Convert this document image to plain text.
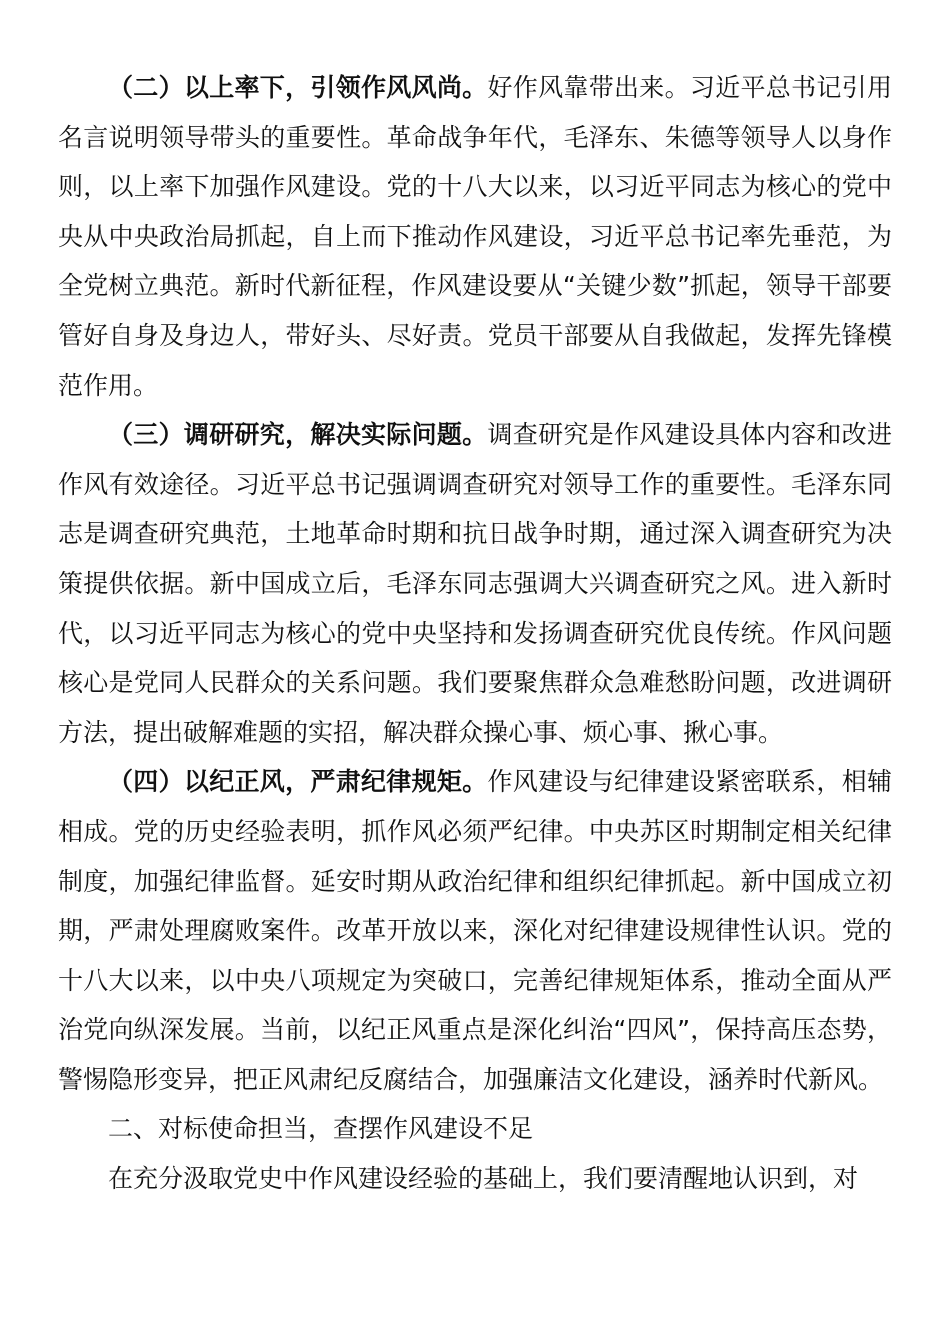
（二）以上率下，引领作风风尚。好作风靠带出来。习近平总书记引用名言说明领导带头的重要性。革命战争年代，毛泽东、朱德等领导人以身作则，以上率下加强作风建设。党的十八大以来，以习近平同志为核心的党中央从中央政治局抓起，自上而下推动作风建设，习近平总书记率先垂范，为全党树立典范。新时代新征程，作风建设要从“关键少数”抓起，领导干部要管好自身及身边人，带好头、尽好责。党员干部要从自我做起，发挥先锋模范作用。

（三）调研研究，解决实际问题。调查研究是作风建设具体内容和改进作风有效途径。习近平总书记强调调查研究对领导工作的重要性。毛泽东同志是调查研究典范，土地革命时期和抗日战争时期，通过深入调查研究为决策提供依据。新中国成立后，毛泽东同志强调大兴调查研究之风。进入新时代，以习近平同志为核心的党中央坚持和发扬调查研究优良传统。作风问题核心是党同人民群众的关系问题。我们要聚焦群众急难愁盼问题，改进调研方法，提出破解难题的实招，解决群众操心事、烦心事、揪心事。

（四）以纪正风，严肃纪律规矩。作风建设与纪律建设紧密联系，相辅相成。党的历史经验表明，抓作风必须严纪律。中央苏区时期制定相关纪律制度，加强纪律监督。延安时期从政治纪律和组织纪律抓起。新中国成立初期，严肃处理腐败案件。改革开放以来，深化对纪律建设规律性认识。党的十八大以来，以中央八项规定为突破口，完善纪律规矩体系，推动全面从严治党向纵深发展。当前，以纪正风重点是深化纠治“四风”，保持高压态势，警惕隐形变异，把正风肃纪反腐结合，加强廉洁文化建设，涵养时代新风。

二、对标使命担当，查摆作风建设不足

在充分汲取党史中作风建设经验的基础上，我们要清醒地认识到，对
